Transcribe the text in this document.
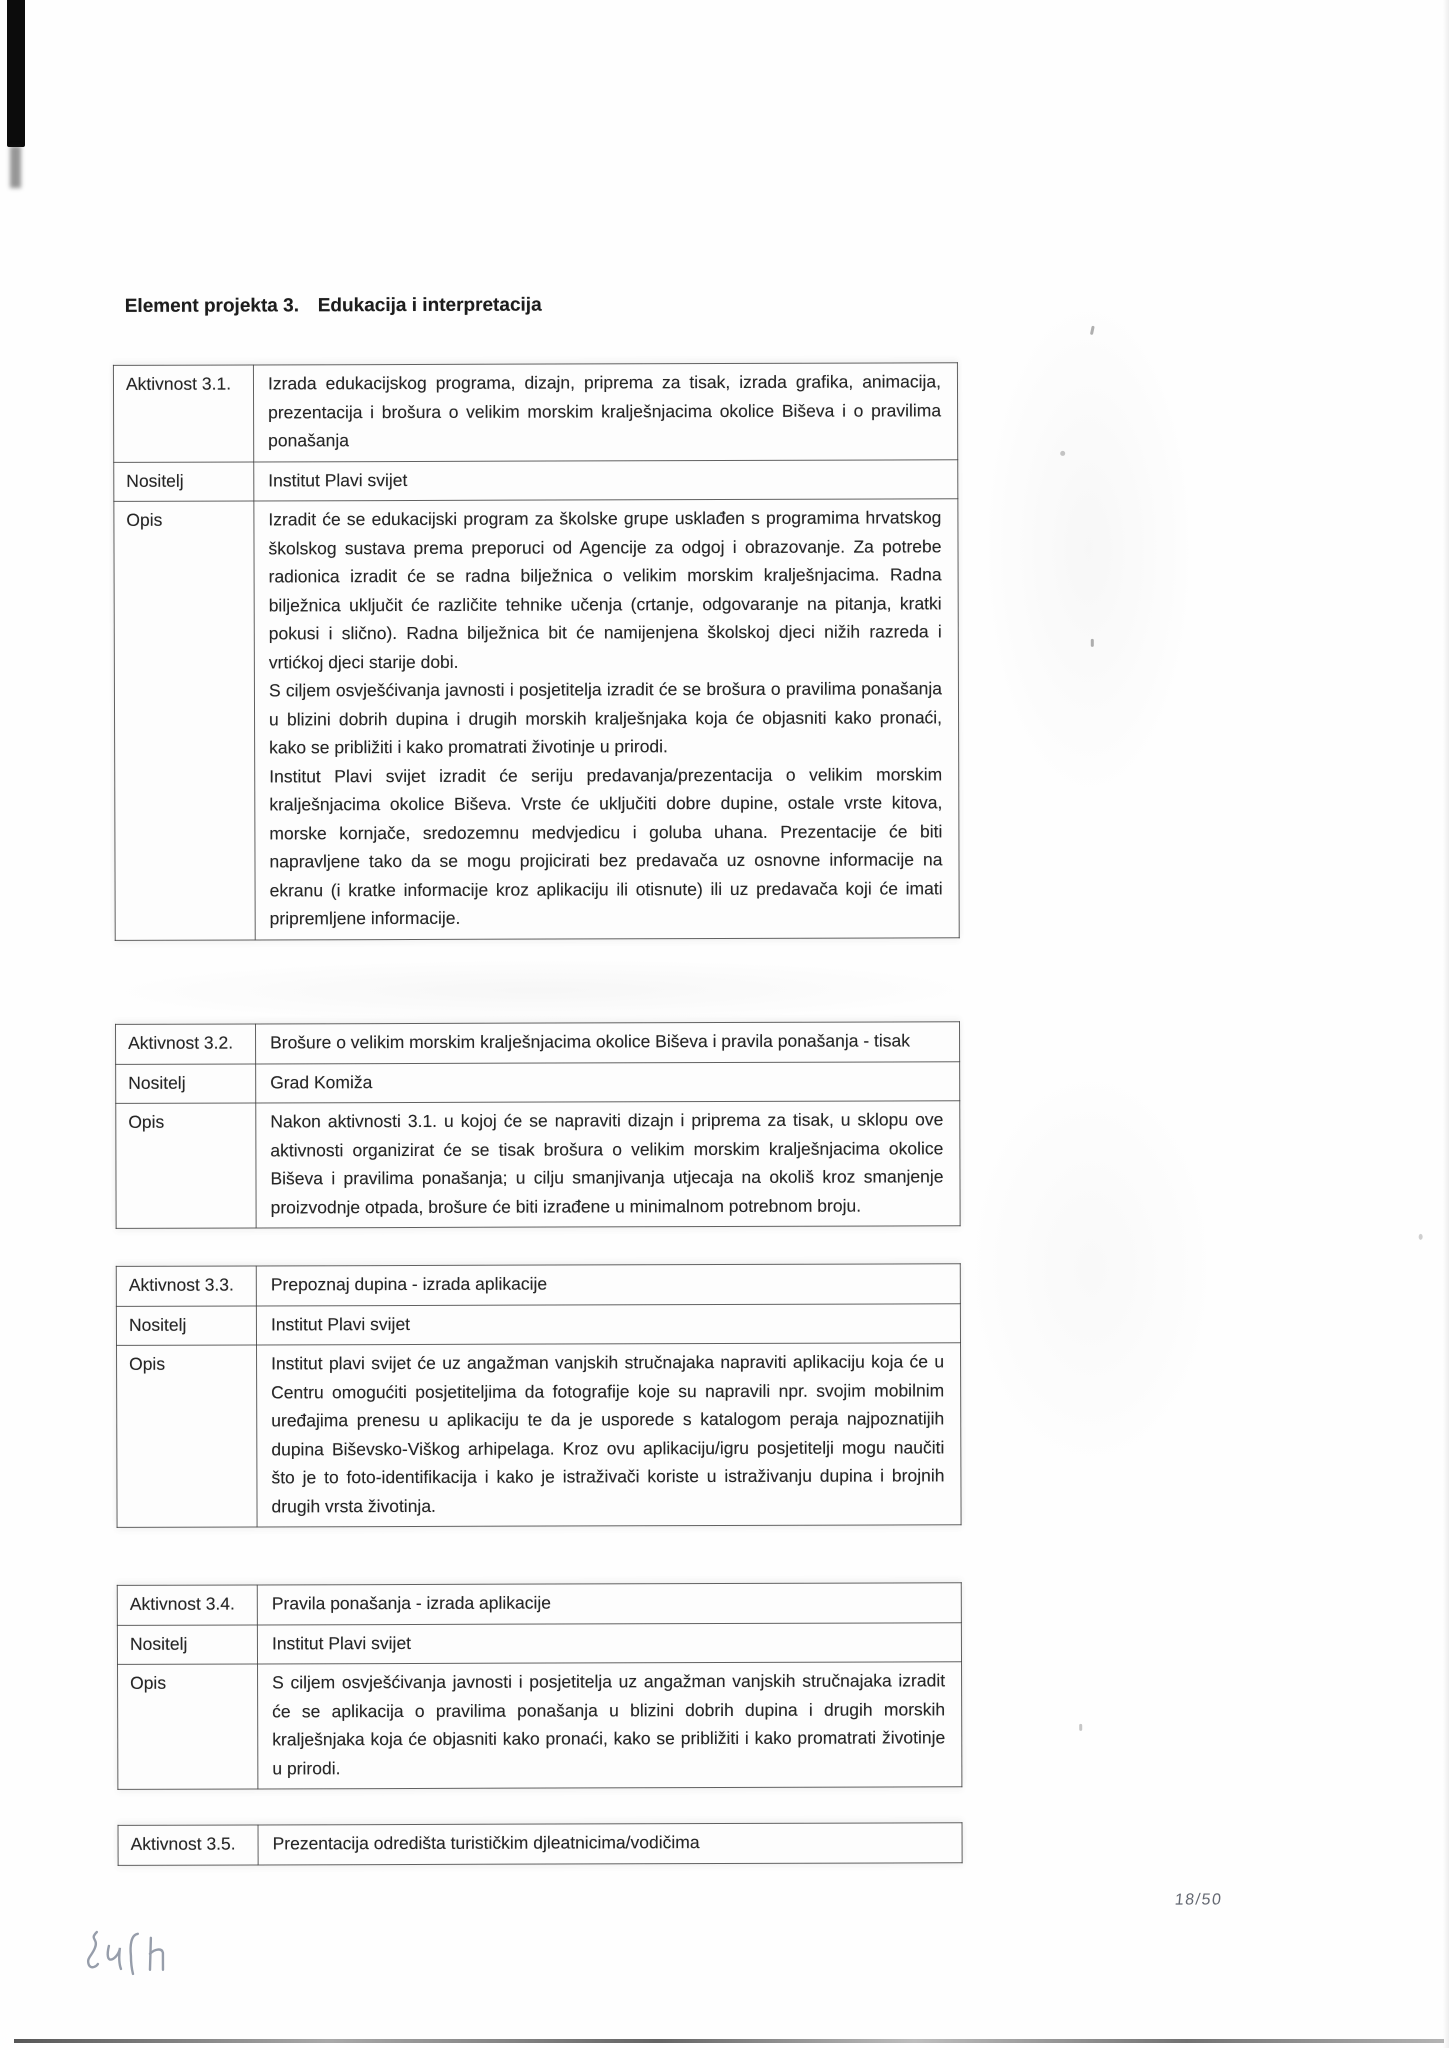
Element projekta 3. Edukacija i interpretacija
Aktivnost 3.1.	Izrada edukacijskog programa, dizajn, priprema za tisak, izrada grafika, animacija, prezentacija i brošura o velikim morskim kralješnjacima okolice Biševa i o pravilima ponašanja

Nositelj	Institut Plavi svijet

Opis	Izradit će se edukacijski program za školske grupe usklađen s programima hrvatskog školskog sustava prema preporuci od Agencije za odgoj i obrazovanje. Za potrebe radionica izradit će se radna bilježnica o velikim morskim kralješnjacima. Radna bilježnica uključit će različite tehnike učenja (crtanje, odgovaranje na pitanja, kratki pokusi i slično). Radna bilježnica bit će namijenjena školskoj djeci nižih razreda i vrtićkoj djeci starije dobi.
S ciljem osvješćivanja javnosti i posjetitelja izradit će se brošura o pravilima ponašanja u blizini dobrih dupina i drugih morskih kralješnjaka koja će objasniti kako pronaći, kako se približiti i kako promatrati životinje u prirodi.
Institut Plavi svijet izradit će seriju predavanja/prezentacija o velikim morskim kralješnjacima okolice Biševa. Vrste će uključiti dobre dupine, ostale vrste kitova, morske kornjače, sredozemnu medvjedicu i goluba uhana. Prezentacije će biti napravljene tako da se mogu projicirati bez predavača uz osnovne informacije na ekranu (i kratke informacije kroz aplikaciju ili otisnute) ili uz predavača koji će imati pripremljene informacije.
Aktivnost 3.2.	Brošure o velikim morskim kralješnjacima okolice Biševa i pravila ponašanja - tisak

Nositelj	Grad Komiža

Opis	Nakon aktivnosti 3.1. u kojoj će se napraviti dizajn i priprema za tisak, u sklopu ove aktivnosti organizirat će se tisak brošura o velikim morskim kralješnjacima okolice Biševa i pravilima ponašanja; u cilju smanjivanja utjecaja na okoliš kroz smanjenje proizvodnje otpada, brošure će biti izrađene u minimalnom potrebnom broju.
Aktivnost 3.3.	Prepoznaj dupina - izrada aplikacije

Nositelj	Institut Plavi svijet

Opis	Institut plavi svijet će uz angažman vanjskih stručnajaka napraviti aplikaciju koja će u Centru omogućiti posjetiteljima da fotografije koje su napravili npr. svojim mobilnim uređajima prenesu u aplikaciju te da je usporede s katalogom peraja najpoznatijih dupina Biševsko-Viškog arhipelaga. Kroz ovu aplikaciju/igru posjetitelji mogu naučiti što je to foto-identifikacija i kako je istraživači koriste u istraživanju dupina i brojnih drugih vrsta životinja.
Aktivnost 3.4.	Pravila ponašanja - izrada aplikacije

Nositelj	Institut Plavi svijet

Opis	S ciljem osvješćivanja javnosti i posjetitelja uz angažman vanjskih stručnajaka izradit će se aplikacija o pravilima ponašanja u blizini dobrih dupina i drugih morskih kralješnjaka koja će objasniti kako pronaći, kako se približiti i kako promatrati životinje u prirodi.
Aktivnost 3.5.	Prezentacija odredišta turističkim djleatnicima/vodičima
18/50
